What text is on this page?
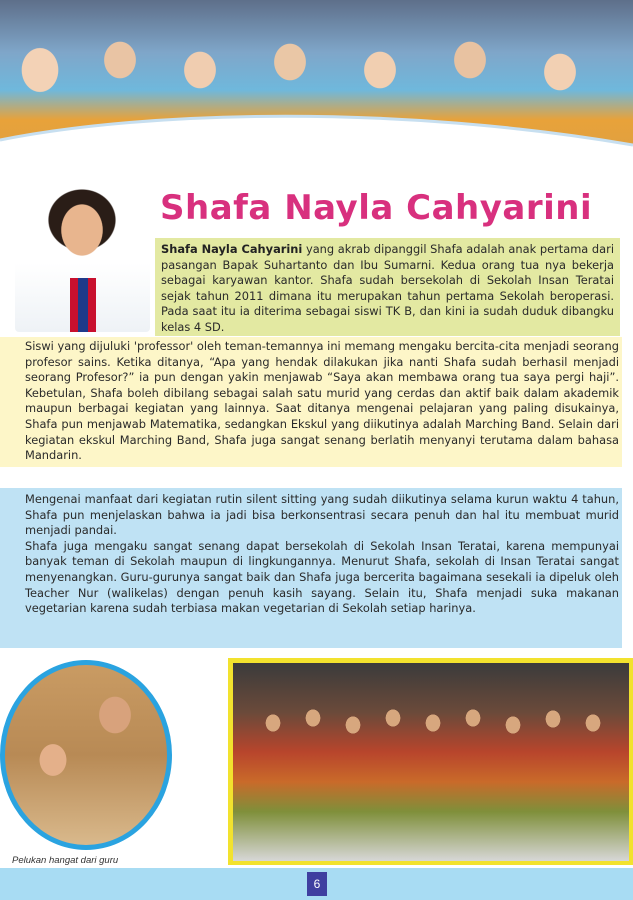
Shafa Nayla Cahyarini

Shafa Nayla Cahyarini yang akrab dipanggil Shafa adalah anak pertama dari pasangan Bapak Suhartanto dan Ibu Sumarni. Kedua orang tua nya bekerja sebagai karyawan kantor. Shafa sudah bersekolah di Sekolah Insan Teratai sejak tahun 2011 dimana itu merupakan tahun pertama Sekolah beroperasi. Pada saat itu ia diterima sebagai siswi TK B, dan kini ia sudah duduk dibangku kelas 4 SD.

Siswi yang dijuluki 'professor' oleh teman-temannya ini memang mengaku bercita-cita menjadi seorang profesor sains. Ketika ditanya, “Apa yang hendak dilakukan jika nanti Shafa sudah berhasil menjadi seorang Profesor?” ia pun dengan yakin menjawab “Saya akan membawa orang tua saya pergi haji”. Kebetulan, Shafa boleh dibilang sebagai salah satu murid yang cerdas dan aktif baik dalam akademik maupun berbagai kegiatan yang lainnya. Saat ditanya mengenai pelajaran yang paling disukainya, Shafa pun menjawab Matematika, sedangkan Ekskul yang diikutinya adalah Marching Band. Selain dari kegiatan ekskul Marching Band, Shafa juga sangat senang berlatih menyanyi terutama dalam bahasa Mandarin.

Mengenai manfaat dari kegiatan rutin silent sitting yang sudah diikutinya selama kurun waktu 4 tahun, Shafa pun menjelaskan bahwa ia jadi bisa berkonsentrasi secara penuh dan hal itu membuat murid menjadi pandai.

Shafa juga mengaku sangat senang dapat bersekolah di Sekolah Insan Teratai, karena mempunyai banyak teman di Sekolah maupun di lingkungannya. Menurut Shafa, sekolah di Insan Teratai sangat menyenangkan. Guru-gurunya sangat baik dan Shafa juga bercerita bagaimana sesekali ia dipeluk oleh Teacher Nur (walikelas) dengan penuh kasih sayang. Selain itu, Shafa menjadi suka makanan vegetarian karena sudah terbiasa makan vegetarian di Sekolah setiap harinya.

Pelukan hangat dari guru
6
